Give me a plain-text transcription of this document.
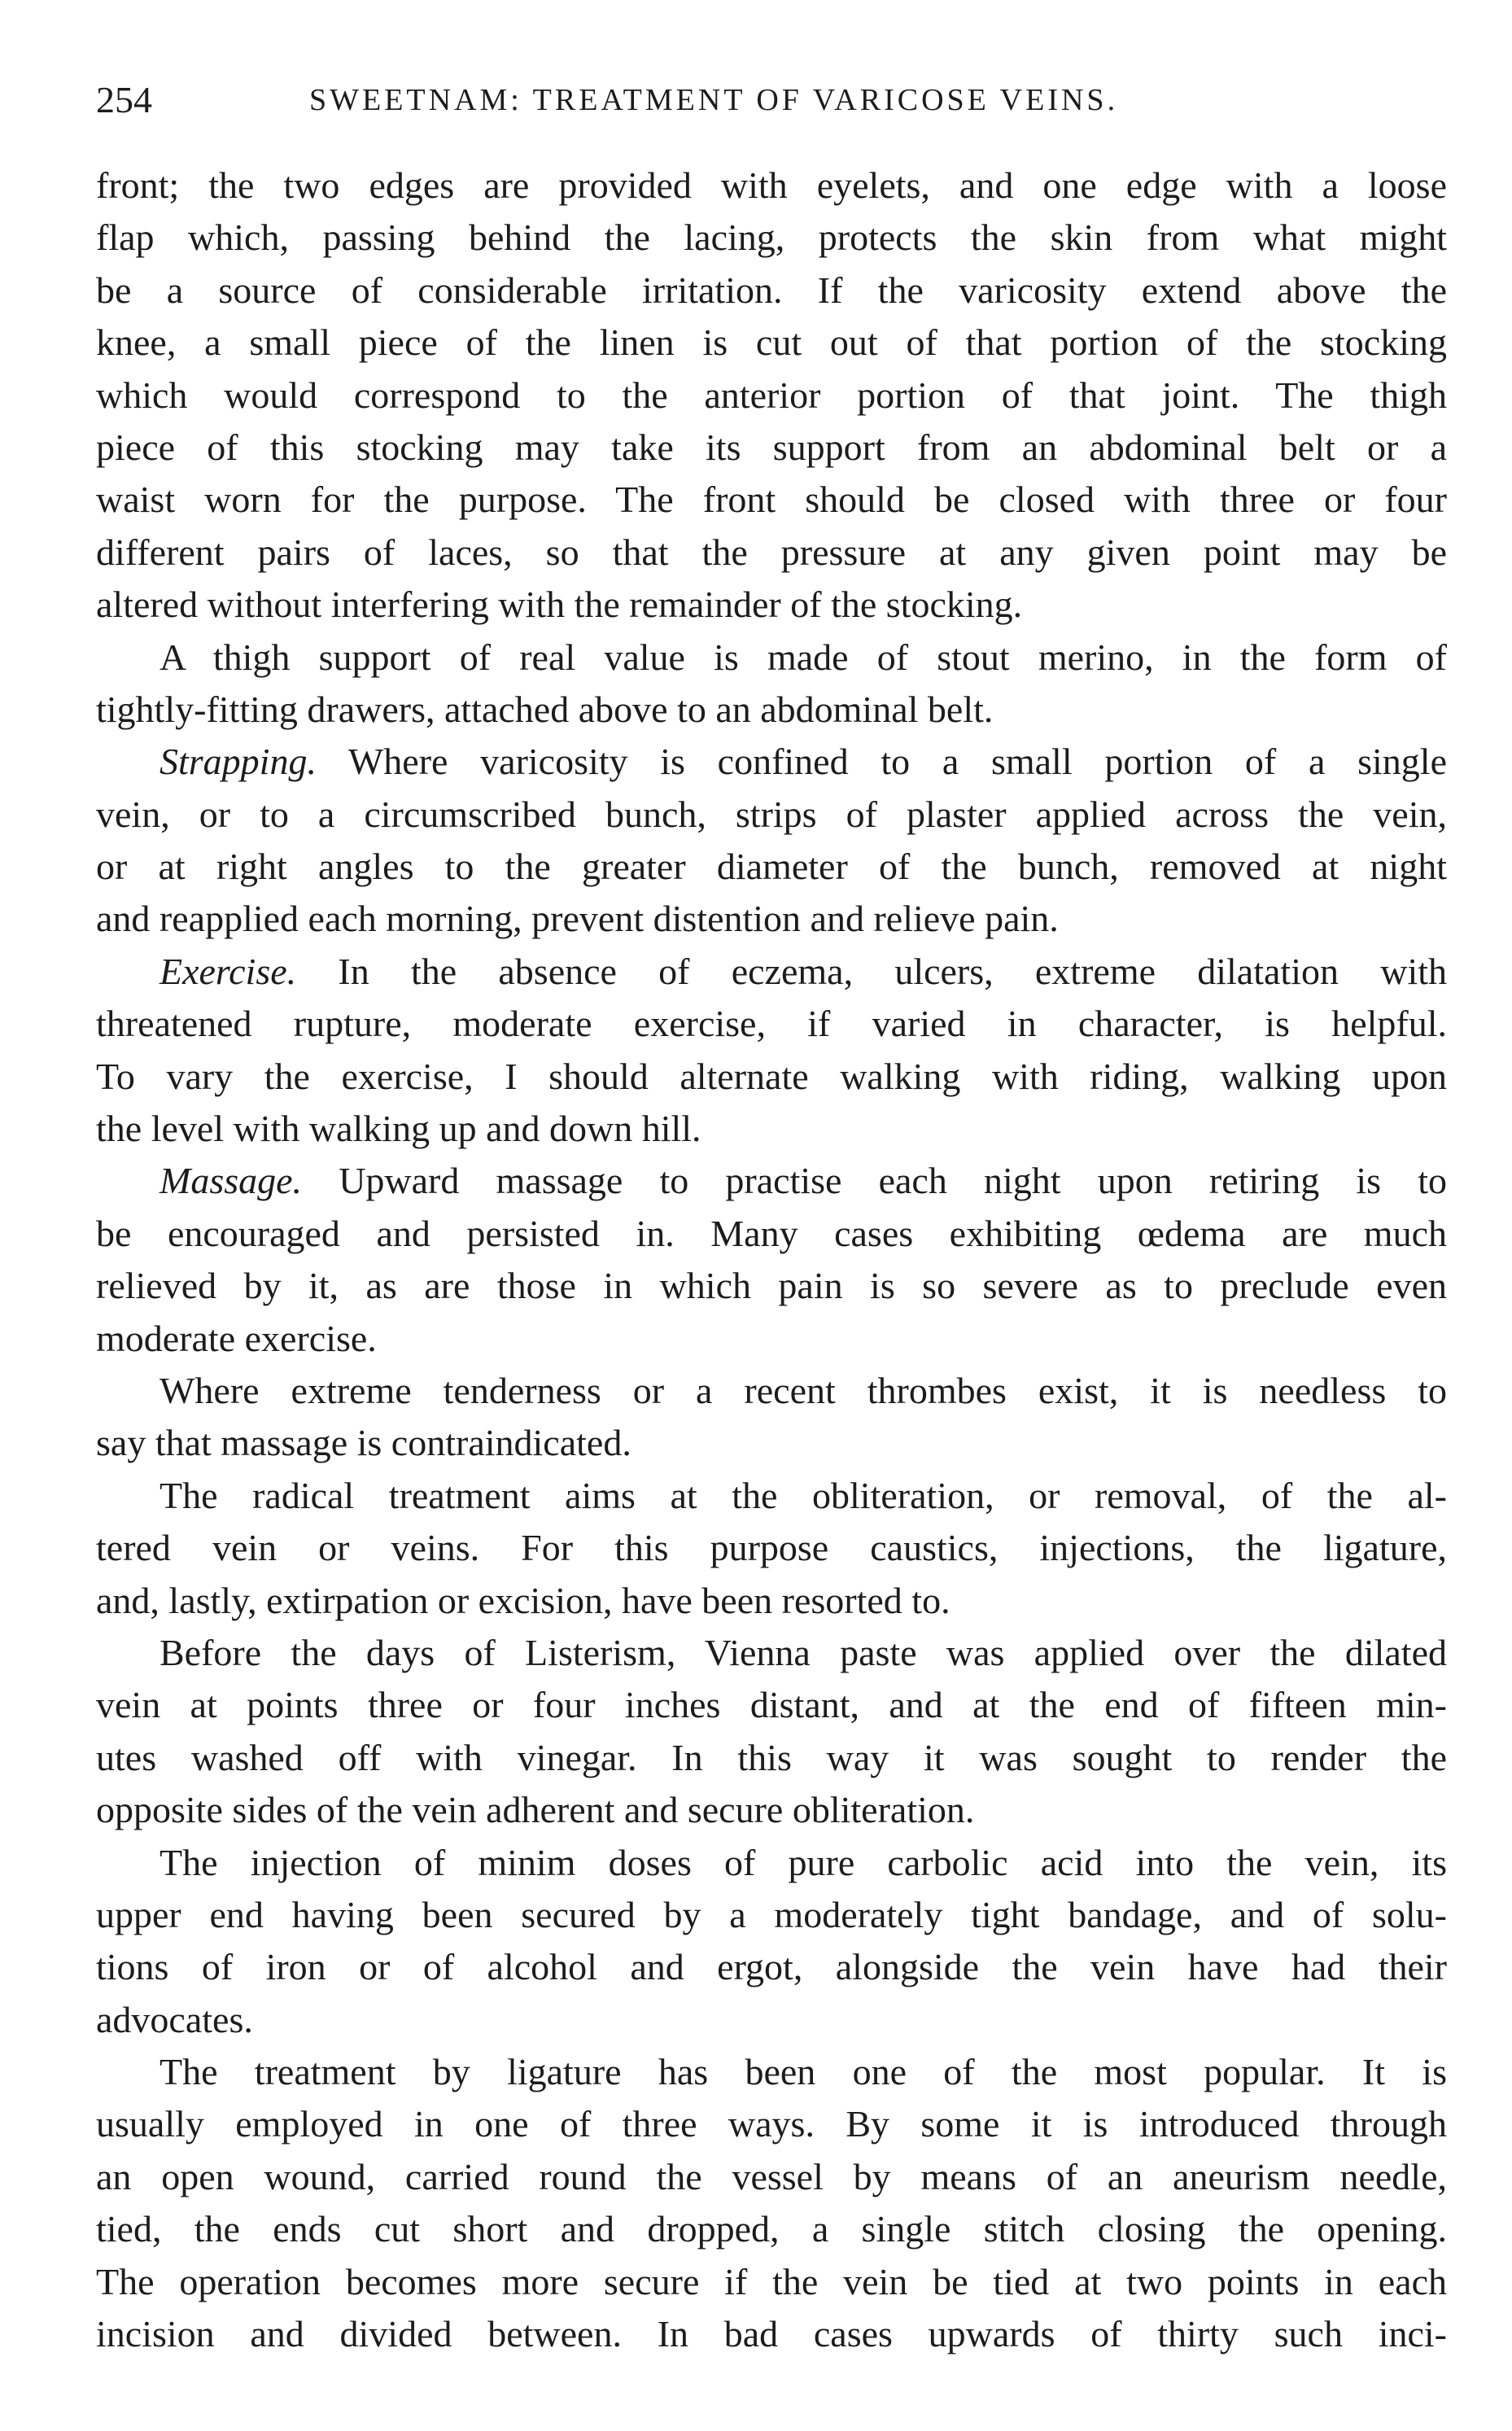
254	SWEETNAM: TREATMENT OF VARICOSE VEINS.
front; the two edges are provided with eyelets, and one edge with a loose
flap which, passing behind the lacing, protects the skin from what might
be a source of considerable irritation. If the varicosity extend above the
knee, a small piece of the linen is cut out of that portion of the stocking
which would correspond to the anterior portion of that joint. The thigh
piece of this stocking may take its support from an abdominal belt or a
waist worn for the purpose. The front should be closed with three or four
different pairs of laces, so that the pressure at any given point may be
altered without interfering with the remainder of the stocking.
A thigh support of real value is made of stout merino, in the form of
tightly-fitting drawers, attached above to an abdominal belt.
Strapping. Where varicosity is confined to a small portion of a single
vein, or to a circumscribed bunch, strips of plaster applied across the vein,
or at right angles to the greater diameter of the bunch, removed at night
and reapplied each morning, prevent distention and relieve pain.
Exercise. In the absence of eczema, ulcers, extreme dilatation with
threatened rupture, moderate exercise, if varied in character, is helpful.
To vary the exercise, I should alternate walking with riding, walking upon
the level with walking up and down hill.
Massage. Upward massage to practise each night upon retiring is to
be encouraged and persisted in. Many cases exhibiting œdema are much
relieved by it, as are those in which pain is so severe as to preclude even
moderate exercise.
Where extreme tenderness or a recent thrombes exist, it is needless to
say that massage is contraindicated.
The radical treatment aims at the obliteration, or removal, of the al-
tered vein or veins. For this purpose caustics, injections, the ligature,
and, lastly, extirpation or excision, have been resorted to.
Before the days of Listerism, Vienna paste was applied over the dilated
vein at points three or four inches distant, and at the end of fifteen min-
utes washed off with vinegar. In this way it was sought to render the
opposite sides of the vein adherent and secure obliteration.
The injection of minim doses of pure carbolic acid into the vein, its
upper end having been secured by a moderately tight bandage, and of solu-
tions of iron or of alcohol and ergot, alongside the vein have had their
advocates.
The treatment by ligature has been one of the most popular. It is
usually employed in one of three ways. By some it is introduced through
an open wound, carried round the vessel by means of an aneurism needle,
tied, the ends cut short and dropped, a single stitch closing the opening.
The operation becomes more secure if the vein be tied at two points in each
incision and divided between. In bad cases upwards of thirty such inci-
